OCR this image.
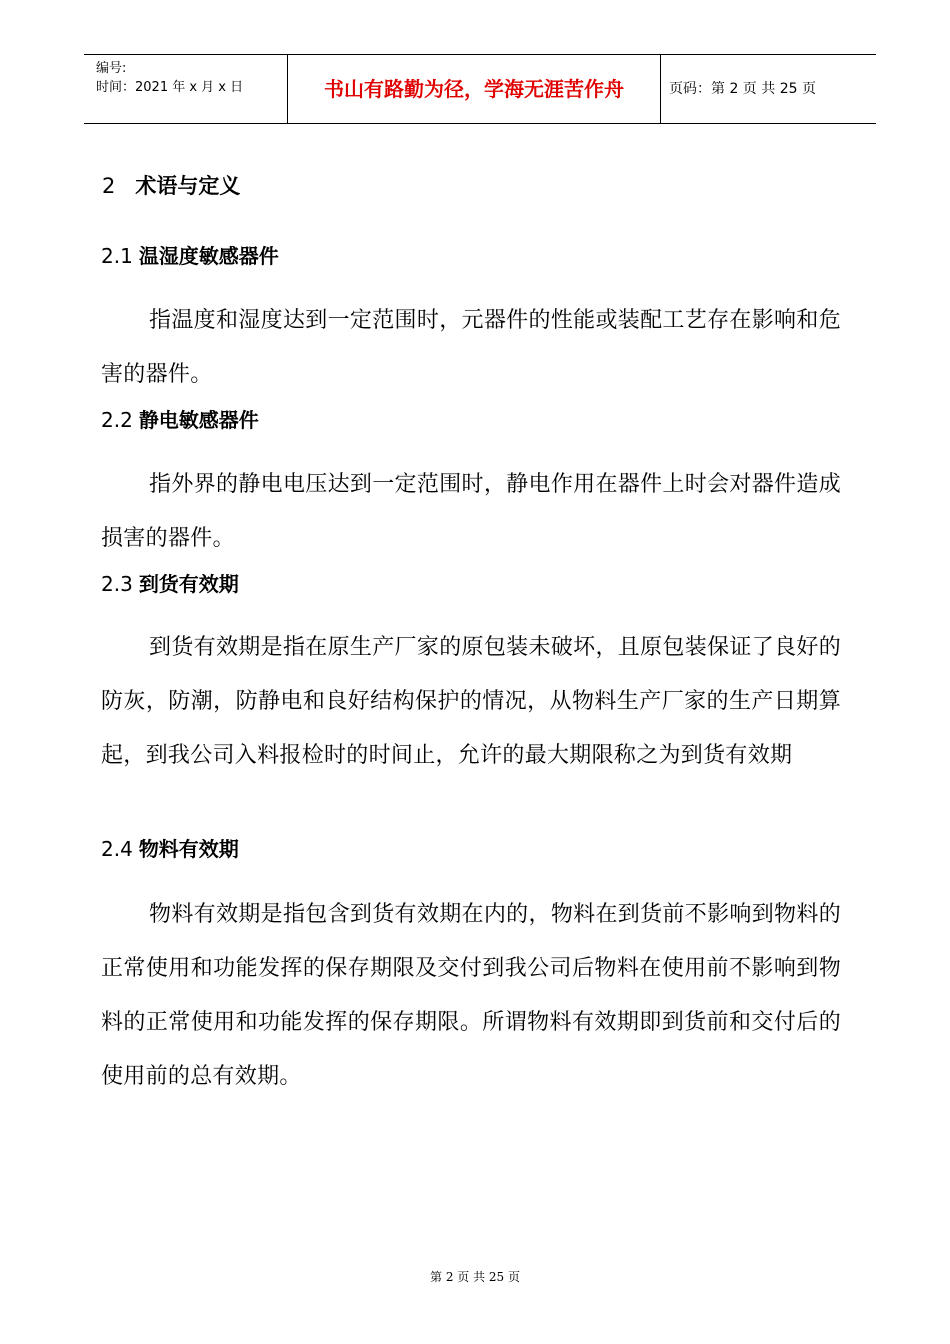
编号:
时间：2021 年 x 月 x 日	书山有路勤为径，学海无涯苦作舟	页码：第 2 页 共 25 页
2 术语与定义
2.1 温湿度敏感器件

指温度和湿度达到一定范围时，元器件的性能或装配工艺存在影响和危害的器件。

2.2 静电敏感器件

指外界的静电电压达到一定范围时，静电作用在器件上时会对器件造成损害的器件。

2.3 到货有效期

到货有效期是指在原生产厂家的原包装未破坏，且原包装保证了良好的防灰，防潮，防静电和良好结构保护的情况，从物料生产厂家的生产日期算起，到我公司入料报检时的时间止，允许的最大期限称之为到货有效期

2.4 物料有效期

物料有效期是指包含到货有效期在内的，物料在到货前不影响到物料的正常使用和功能发挥的保存期限及交付到我公司后物料在使用前不影响到物料的正常使用和功能发挥的保存期限。所谓物料有效期即到货前和交付后的使用前的总有效期。

第 2 页 共 25 页
